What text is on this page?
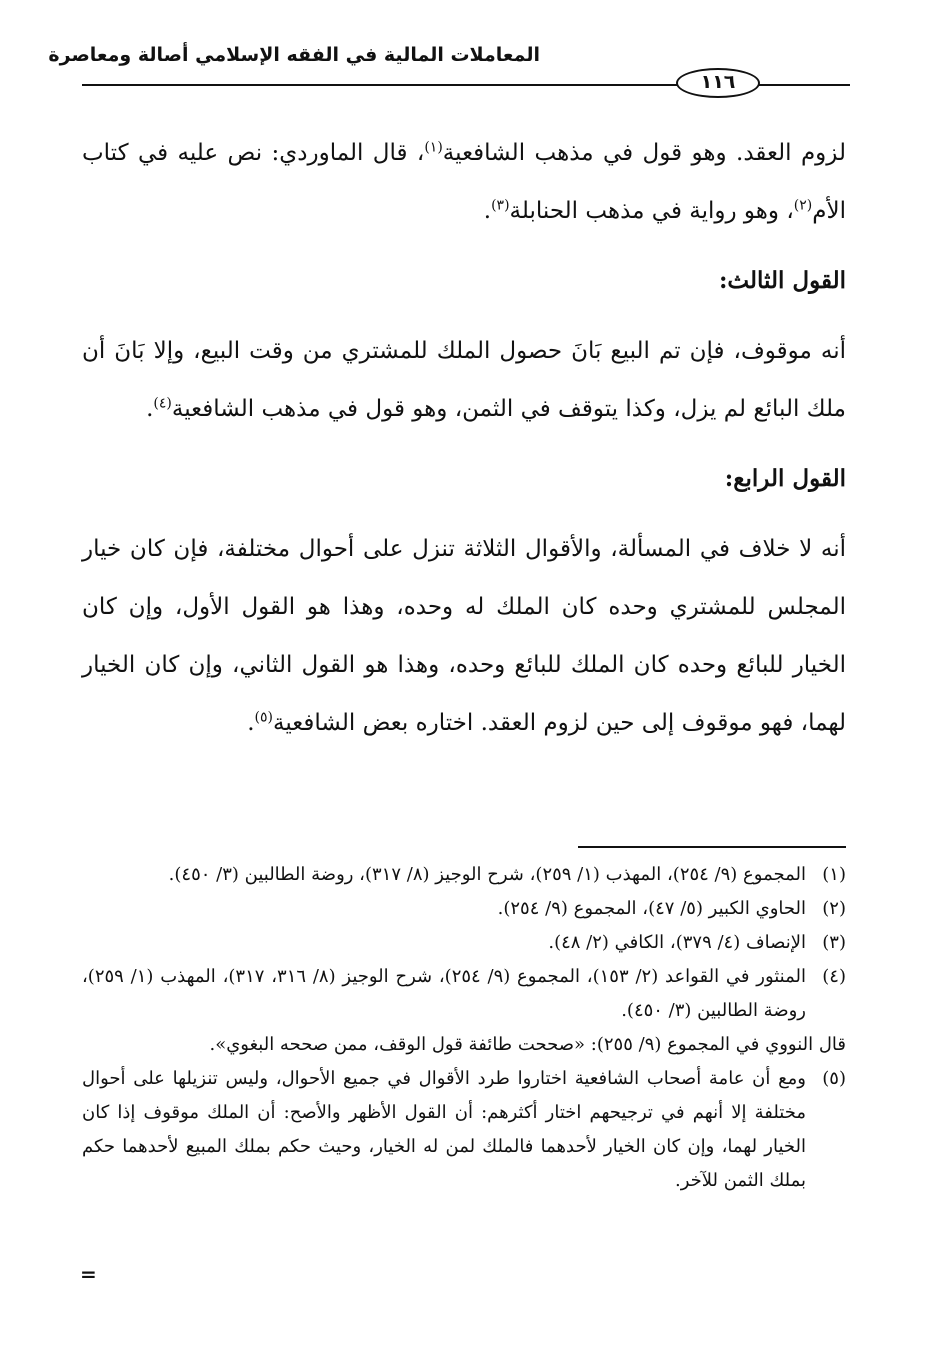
المعاملات المالية في الفقه الإسلامي أصالة ومعاصرة
١١٦

لزوم العقد. وهو قول في مذهب الشافعية$^{(١)}$، قال الماوردي: نص عليه في كتاب الأم$^{(٢)}$، وهو رواية في مذهب الحنابلة$^{(٣)}$.

القول الثالث:

أنه موقوف، فإن تم البيع بَانَ حصول الملك للمشتري من وقت البيع، وإلا بَانَ أن ملك البائع لم يزل، وكذا يتوقف في الثمن، وهو قول في مذهب الشافعية$^{(٤)}$.

القول الرابع:

أنه لا خلاف في المسألة، والأقوال الثلاثة تنزل على أحوال مختلفة، فإن كان خيار المجلس للمشتري وحده كان الملك له وحده، وهذا هو القول الأول، وإن كان الخيار للبائع وحده كان الملك للبائع وحده، وهذا هو القول الثاني، وإن كان الخيار لهما، فهو موقوف إلى حين لزوم العقد. اختاره بعض الشافعية$^{(٥)}$.

(١)
المجموع (٩/ ٢٥٤)، المهذب (١/ ٢٥٩)، شرح الوجيز (٨/ ٣١٧)، روضة الطالبين (٣/ ٤٥٠).
(٢)
الحاوي الكبير (٥/ ٤٧)، المجموع (٩/ ٢٥٤).
(٣)
الإنصاف (٤/ ٣٧٩)، الكافي (٢/ ٤٨).
(٤)
المنثور في القواعد (٢/ ١٥٣)، المجموع (٩/ ٢٥٤)، شرح الوجيز (٨/ ٣١٦، ٣١٧)، المهذب (١/ ٢٥٩)، روضة الطالبين (٣/ ٤٥٠).

قال النووي في المجموع (٩/ ٢٥٥): «صححت طائفة قول الوقف، ممن صححه البغوي».

(٥)
ومع أن عامة أصحاب الشافعية اختاروا طرد الأقوال في جميع الأحوال، وليس تنزيلها على أحوال مختلفة إلا أنهم في ترجيحهم اختار أكثرهم: أن القول الأظهر والأصح: أن الملك موقوف إذا كان الخيار لهما، وإن كان الخيار لأحدهما فالملك لمن له الخيار، وحيث حكم بملك المبيع لأحدهما حكم بملك الثمن للآخر.
=
